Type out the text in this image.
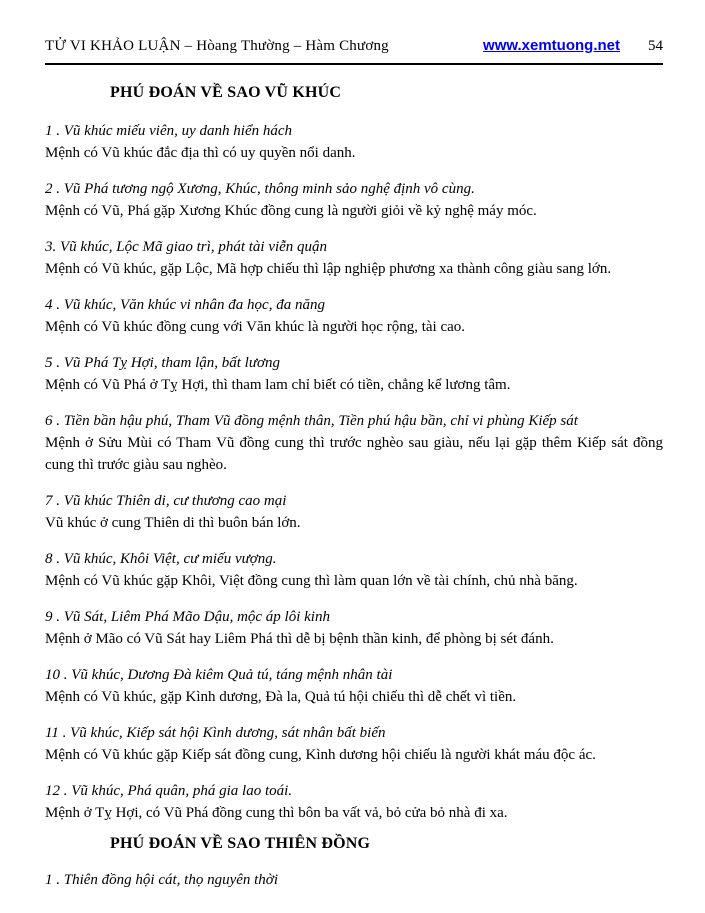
TỬ VI KHẢO LUẬN – Hòang Thường – Hàm Chương	www.xemtuong.net 54
PHÚ ĐOÁN VỀ SAO VŨ KHÚC

1 . Vũ khúc miếu viên, uy danh hiển hách

Mệnh có Vũ khúc đắc địa thì có uy quyền nổi danh.

2 . Vũ Phá tương ngộ Xương, Khúc, thông minh sảo nghệ định vô cùng.

Mệnh có Vũ, Phá gặp Xương Khúc đồng cung là người giỏi về kỷ nghệ máy móc.

3. Vũ khúc, Lộc Mã giao trì, phát tài viễn quận

Mệnh có Vũ khúc, gặp Lộc, Mã hợp chiếu thì lập nghiệp phương xa thành công giàu sang lớn.

4 . Vũ khúc, Văn khúc vi nhân đa học, đa năng

Mệnh có Vũ khúc đồng cung với Văn khúc là người học rộng, tài cao.

5 . Vũ Phá Tỵ Hợi, tham lận, bất lương

Mệnh có Vũ Phá ở Tỵ Hợi, thì tham lam chỉ biết có tiền, chẳng kể lương tâm.

6 . Tiền bần hậu phú, Tham Vũ đồng mệnh thân, Tiền phú hậu bần, chỉ vi phùng Kiếp sát

Mệnh ở Sửu Mùi có Tham Vũ đồng cung thì trước nghèo sau giàu, nếu lại gặp thêm Kiếp sát đồng cung thì trước giàu sau nghèo.

7 . Vũ khúc Thiên di, cư thương cao mại

Vũ khúc ở cung Thiên di thì buôn bán lớn.

8 . Vũ khúc, Khôi Việt, cư miếu vượng.

Mệnh có Vũ khúc gặp Khôi, Việt đồng cung thì làm quan lớn về tài chính, chủ nhà băng.

9 . Vũ Sát, Liêm Phá Mão Dậu, mộc áp lôi kinh

Mệnh ở Mão có Vũ Sát hay Liêm Phá thì dễ bị bệnh thần kinh, để phòng bị sét đánh.

10 . Vũ khúc, Dương Đà kiêm Quả tú, táng mệnh nhân tài

Mệnh có Vũ khúc, gặp Kình dương, Đà la, Quả tú hội chiếu thì dễ chết vì tiền.

11 . Vũ khúc, Kiếp sát hội Kình dương, sát nhân bất biến

Mệnh có Vũ khúc gặp Kiếp sát đồng cung, Kình dương hội chiếu là người khát máu độc ác.

12 . Vũ khúc, Phá quân, phá gia lao toái.

Mệnh ở Tỵ Hợi, có Vũ Phá đồng cung thì bôn ba vất vả, bỏ cửa bỏ nhà đi xa.

PHÚ ĐOÁN VỀ SAO THIÊN ĐỒNG

1 . Thiên đồng hội cát, thọ nguyên thời
